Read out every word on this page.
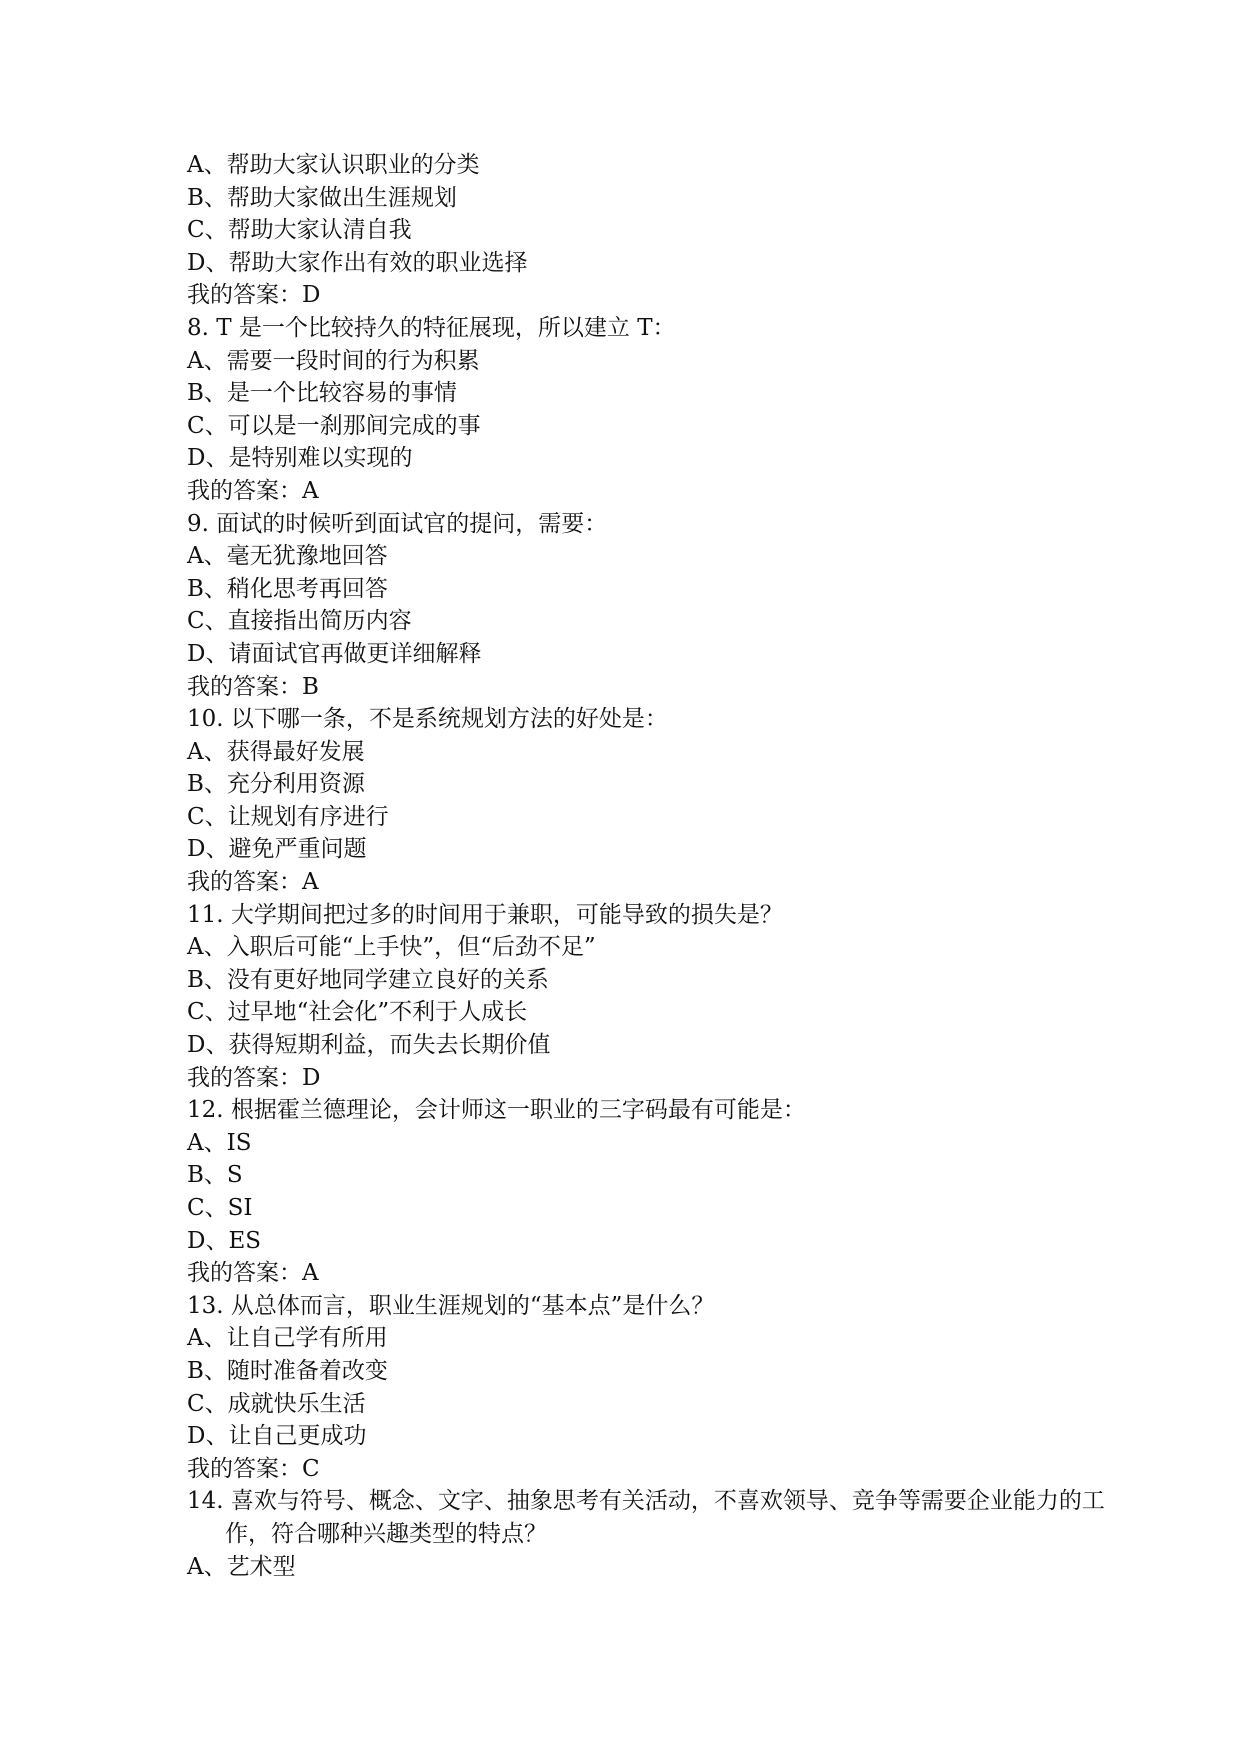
A、帮助大家认识职业的分类

B、帮助大家做出生涯规划

C、帮助大家认清自我

D、帮助大家作出有效的职业选择

我的答案：D

8. T 是一个比较持久的特征展现，所以建立 T：

A、需要一段时间的行为积累

B、是一个比较容易的事情

C、可以是一刹那间完成的事

D、是特别难以实现的

我的答案：A

9. 面试的时候听到面试官的提问，需要：

A、毫无犹豫地回答

B、稍化思考再回答

C、直接指出简历内容

D、请面试官再做更详细解释

我的答案：B

10. 以下哪一条，不是系统规划方法的好处是：

A、获得最好发展

B、充分利用资源

C、让规划有序进行

D、避免严重问题

我的答案：A

11. 大学期间把过多的时间用于兼职，可能导致的损失是？

A、入职后可能“上手快”，但“后劲不足”

B、没有更好地同学建立良好的关系

C、过早地“社会化”不利于人成长

D、获得短期利益，而失去长期价值

我的答案：D

12. 根据霍兰德理论，会计师这一职业的三字码最有可能是：

A、IS

B、S

C、SI

D、ES

我的答案：A

13. 从总体而言，职业生涯规划的“基本点”是什么？

A、让自己学有所用

B、随时准备着改变

C、成就快乐生活

D、让自己更成功

我的答案：C

14. 喜欢与符号、概念、文字、抽象思考有关活动，不喜欢领导、竞争等需要企业能力的工作，符合哪种兴趣类型的特点？

A、艺术型
